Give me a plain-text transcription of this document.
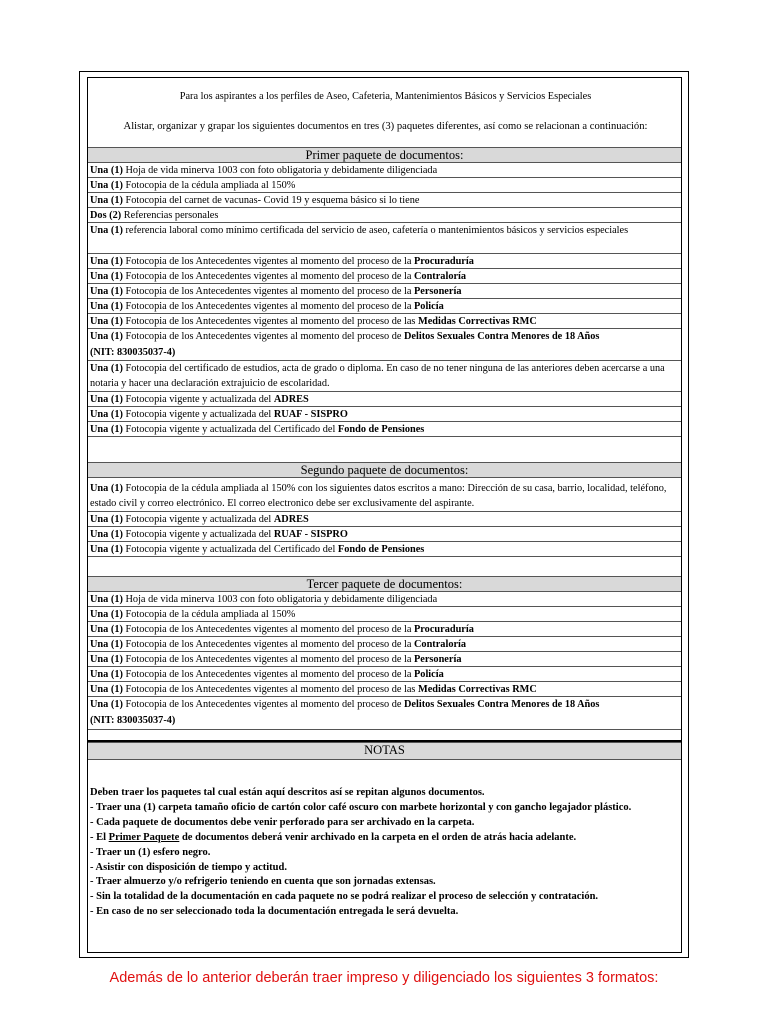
Para los aspirantes a los perfiles de Aseo, Cafeteria, Mantenimientos Básicos y Servicios Especiales
Alistar, organizar y grapar los siguientes documentos en tres (3) paquetes diferentes, así como se relacionan a continuación:
Primer paquete de documentos:
Una (1) Hoja de vida minerva 1003 con foto obligatoria y debidamente diligenciada
Una (1) Fotocopia de la cédula ampliada al 150%
Una (1) Fotocopia del carnet de vacunas- Covid 19 y esquema básico si lo tiene
Dos (2) Referencias personales
Una (1) referencia laboral como mínimo certificada del servicio de aseo, cafetería o mantenimientos básicos y servicios especiales
Una (1) Fotocopia de los Antecedentes vigentes al momento del proceso de la Procuraduría
Una (1) Fotocopia de los Antecedentes vigentes al momento del proceso de la Contraloría
Una (1) Fotocopia de los Antecedentes vigentes al momento del proceso de la Personería
Una (1) Fotocopia de los Antecedentes vigentes al momento del proceso de la Policía
Una (1) Fotocopia de los Antecedentes vigentes al momento del proceso de las Medidas Correctivas RMC
Una (1) Fotocopia de los Antecedentes vigentes al momento del proceso de Delitos Sexuales Contra Menores de 18 Años
(NIT: 830035037-4)
Una (1) Fotocopia del certificado de estudios, acta de grado o diploma. En caso de no tener ninguna de las anteriores deben acercarse a una notaria y hacer una declaración extrajuicio de escolaridad.
Una (1) Fotocopia vigente y actualizada del ADRES
Una (1) Fotocopia vigente y actualizada del RUAF - SISPRO
Una (1) Fotocopia vigente y actualizada del Certificado del Fondo de Pensiones
Segundo paquete de documentos:
Una (1) Fotocopia de la cédula ampliada al 150% con los siguientes datos escritos a mano: Dirección de su casa, barrio, localidad, teléfono, estado civil y correo electrónico. El correo electronico debe ser exclusivamente del aspirante.
Una (1) Fotocopia vigente y actualizada del ADRES
Una (1) Fotocopia vigente y actualizada del RUAF - SISPRO
Una (1) Fotocopia vigente y actualizada del Certificado del Fondo de Pensiones
Tercer paquete de documentos:
Una (1) Hoja de vida minerva 1003 con foto obligatoria y debidamente diligenciada
Una (1) Fotocopia de la cédula ampliada al 150%
Una (1) Fotocopia de los Antecedentes vigentes al momento del proceso de la Procuraduría
Una (1) Fotocopia de los Antecedentes vigentes al momento del proceso de la Contraloría
Una (1) Fotocopia de los Antecedentes vigentes al momento del proceso de la Personería
Una (1) Fotocopia de los Antecedentes vigentes al momento del proceso de la Policía
Una (1) Fotocopia de los Antecedentes vigentes al momento del proceso de las Medidas Correctivas RMC
Una (1) Fotocopia de los Antecedentes vigentes al momento del proceso de Delitos Sexuales Contra Menores de 18 Años
(NIT: 830035037-4)
NOTAS
Deben traer los paquetes tal cual están aquí descritos así se repitan algunos documentos.
- Traer una (1) carpeta tamaño oficio de cartón color café oscuro con marbete horizontal y con gancho legajador plástico.
- Cada paquete de documentos debe venir perforado para ser archivado en la carpeta.
- El Primer Paquete de documentos deberá venir archivado en la carpeta en el orden de atrás hacia adelante.
- Traer un (1) esfero negro.
- Asistir con disposición de tiempo y actitud.
- Traer almuerzo y/o refrigerio teniendo en cuenta que son jornadas extensas.
- Sin la totalidad de la documentación en cada paquete no se podrá realizar el proceso de selección y contratación.
- En caso de no ser seleccionado toda la documentación entregada le será devuelta.
Además de lo anterior deberán traer impreso y diligenciado los siguientes 3 formatos:
